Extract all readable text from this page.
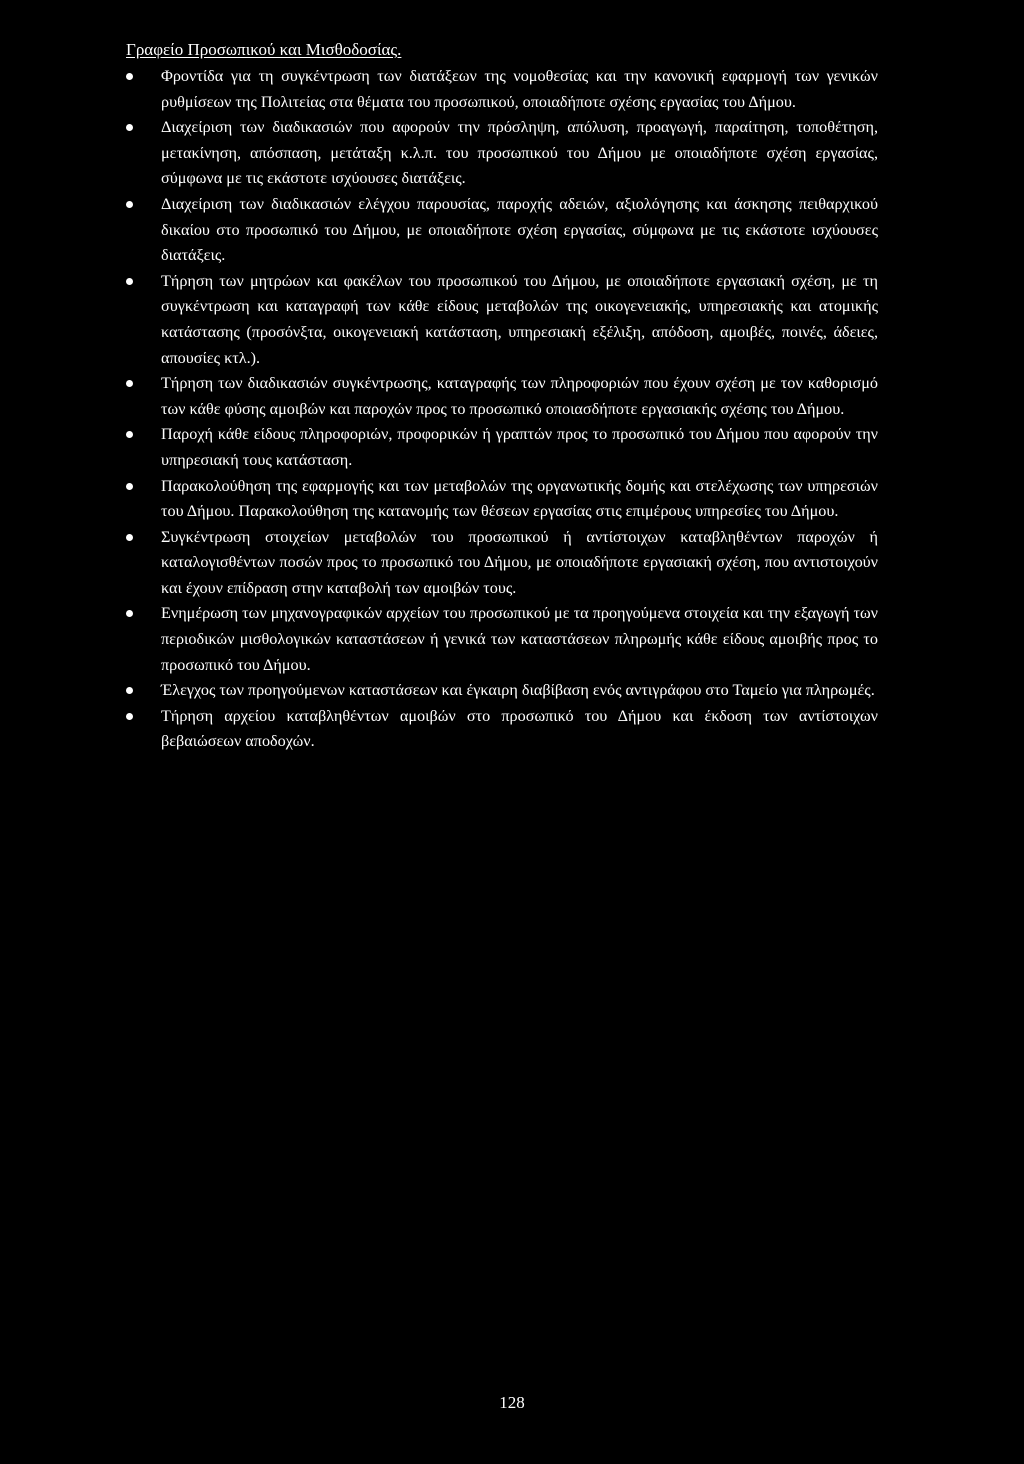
Γραφείο Προσωπικού και Μισθοδοσίας.
Φροντίδα για τη συγκέντρωση των διατάξεων της νομοθεσίας και την κανονική εφαρμογή των γενικών ρυθμίσεων της Πολιτείας στα θέματα του προσωπικού, οποιαδήποτε σχέσης εργασίας του Δήμου.
Διαχείριση των διαδικασιών που αφορούν την πρόσληψη, απόλυση, προαγωγή, παραίτηση, τοποθέτηση, μετακίνηση, απόσπαση, μετάταξη κ.λ.π. του προσωπικού του Δήμου με οποιαδήποτε σχέση εργασίας, σύμφωνα με τις εκάστοτε ισχύουσες διατάξεις.
Διαχείριση των διαδικασιών ελέγχου παρουσίας, παροχής αδειών, αξιολόγησης και άσκησης πειθαρχικού δικαίου στο προσωπικό του Δήμου, με οποιαδήποτε σχέση εργασίας, σύμφωνα με τις εκάστοτε ισχύουσες διατάξεις.
Τήρηση των μητρώων και φακέλων του προσωπικού του Δήμου, με οποιαδήποτε εργασιακή σχέση, με τη συγκέντρωση και καταγραφή των κάθε είδους μεταβολών της οικογενειακής, υπηρεσιακής και ατομικής κατάστασης (προσόνξτα, οικογενειακή κατάσταση, υπηρεσιακή εξέλιξη, απόδοση, αμοιβές, ποινές, άδειες, απουσίες κτλ.).
Τήρηση των διαδικασιών συγκέντρωσης, καταγραφής των πληροφοριών που έχουν σχέση με τον καθορισμό των κάθε φύσης αμοιβών και παροχών προς το προσωπικό οποιασδήποτε εργασιακής σχέσης του Δήμου.
Παροχή κάθε είδους πληροφοριών, προφορικών ή γραπτών προς το προσωπικό του Δήμου που αφορούν την υπηρεσιακή τους κατάσταση.
Παρακολούθηση της εφαρμογής και των μεταβολών της οργανωτικής δομής και στελέχωσης των υπηρεσιών του Δήμου. Παρακολούθηση της κατανομής των θέσεων εργασίας στις επιμέρους υπηρεσίες του Δήμου.
Συγκέντρωση στοιχείων μεταβολών του προσωπικού ή αντίστοιχων καταβληθέντων παροχών ή καταλογισθέντων ποσών προς το προσωπικό του Δήμου, με οποιαδήποτε εργασιακή σχέση, που αντιστοιχούν και έχουν επίδραση στην καταβολή των αμοιβών τους.
Ενημέρωση των μηχανογραφικών αρχείων του προσωπικού με τα προηγούμενα στοιχεία και την εξαγωγή των περιοδικών μισθολογικών καταστάσεων ή γενικά των καταστάσεων πληρωμής κάθε είδους αμοιβής προς το προσωπικό του Δήμου.
Έλεγχος των προηγούμενων καταστάσεων και έγκαιρη διαβίβαση ενός αντιγράφου στο Ταμείο για πληρωμές.
Τήρηση αρχείου καταβληθέντων αμοιβών στο προσωπικό του Δήμου και έκδοση των αντίστοιχων βεβαιώσεων αποδοχών.
128
